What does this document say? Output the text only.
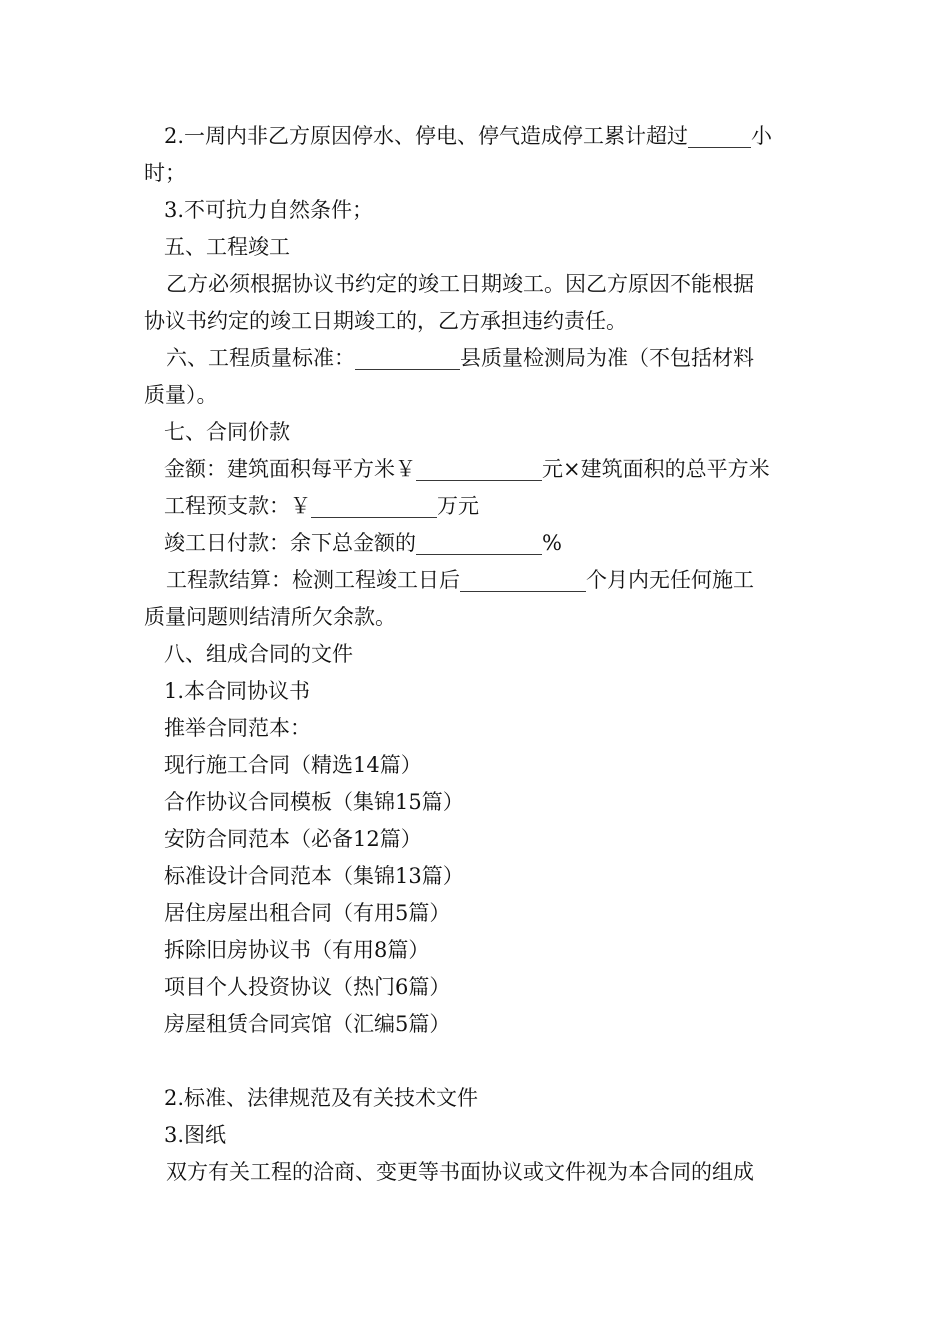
2.一周内非乙方原因停水、停电、停气造成停工累计超过______小
时；
3.不可抗力自然条件；
五、工程竣工
乙方必须根据协议书约定的竣工日期竣工。因乙方原因不能根据
协议书约定的竣工日期竣工的，乙方承担违约责任。
六、工程质量标准：__________县质量检测局为准（不包括材料
质量）。
七、合同价款
金额：建筑面积每平方米￥____________元×建筑面积的总平方米
工程预支款：￥____________万元
竣工日付款：余下总金额的____________%
工程款结算：检测工程竣工日后____________个月内无任何施工
质量问题则结清所欠余款。
八、组成合同的文件
1.本合同协议书
推举合同范本：
现行施工合同（精选14篇）
合作协议合同模板（集锦15篇）
安防合同范本（必备12篇）
标准设计合同范本（集锦13篇）
居住房屋出租合同（有用5篇）
拆除旧房协议书（有用8篇）
项目个人投资协议（热门6篇）
房屋租赁合同宾馆（汇编5篇）
2.标准、法律规范及有关技术文件
3.图纸
双方有关工程的洽商、变更等书面协议或文件视为本合同的组成
